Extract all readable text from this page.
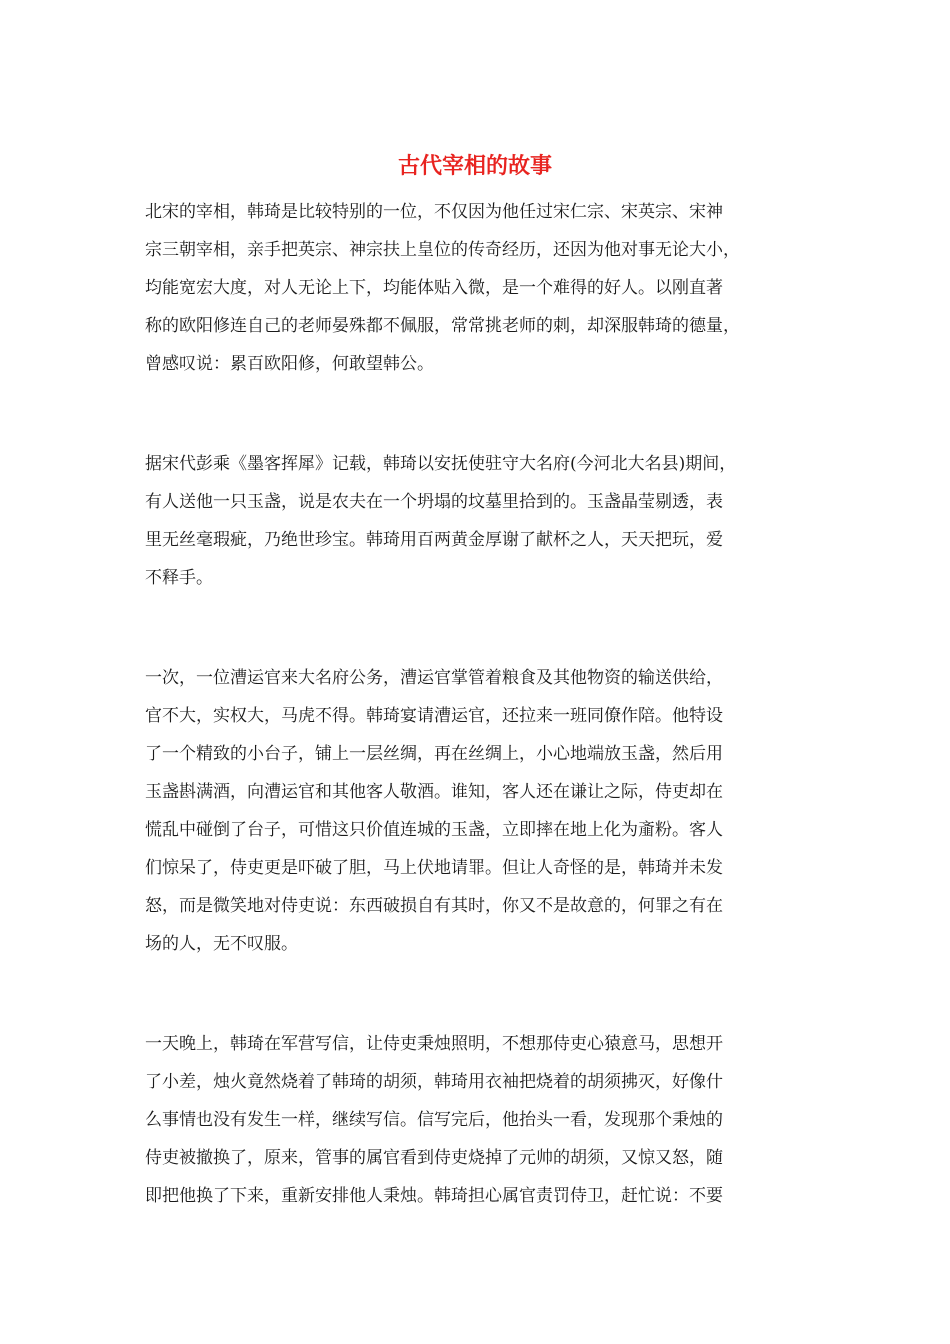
古代宰相的故事
北宋的宰相，韩琦是比较特别的一位，不仅因为他任过宋仁宗、宋英宗、宋神
宗三朝宰相，亲手把英宗、神宗扶上皇位的传奇经历，还因为他对事无论大小，
均能宽宏大度，对人无论上下，均能体贴入微，是一个难得的好人。以刚直著
称的欧阳修连自己的老师晏殊都不佩服，常常挑老师的刺，却深服韩琦的德量，
曾感叹说：累百欧阳修，何敢望韩公。
据宋代彭乘《墨客挥犀》记载，韩琦以安抚使驻守大名府(今河北大名县)期间，
有人送他一只玉盏，说是农夫在一个坍塌的坟墓里拾到的。玉盏晶莹剔透，表
里无丝毫瑕疵，乃绝世珍宝。韩琦用百两黄金厚谢了献杯之人，天天把玩，爱
不释手。
一次，一位漕运官来大名府公务，漕运官掌管着粮食及其他物资的输送供给，
官不大，实权大，马虎不得。韩琦宴请漕运官，还拉来一班同僚作陪。他特设
了一个精致的小台子，铺上一层丝绸，再在丝绸上，小心地端放玉盏，然后用
玉盏斟满酒，向漕运官和其他客人敬酒。谁知，客人还在谦让之际，侍吏却在
慌乱中碰倒了台子，可惜这只价值连城的玉盏，立即摔在地上化为齑粉。客人
们惊呆了，侍吏更是吓破了胆，马上伏地请罪。但让人奇怪的是，韩琦并未发
怒，而是微笑地对侍吏说：东西破损自有其时，你又不是故意的，何罪之有在
场的人，无不叹服。
一天晚上，韩琦在军营写信，让侍吏秉烛照明，不想那侍吏心猿意马，思想开
了小差，烛火竟然烧着了韩琦的胡须，韩琦用衣袖把烧着的胡须拂灭，好像什
么事情也没有发生一样，继续写信。信写完后，他抬头一看，发现那个秉烛的
侍吏被撤换了，原来，管事的属官看到侍吏烧掉了元帅的胡须，又惊又怒，随
即把他换了下来，重新安排他人秉烛。韩琦担心属官责罚侍卫，赶忙说：不要
